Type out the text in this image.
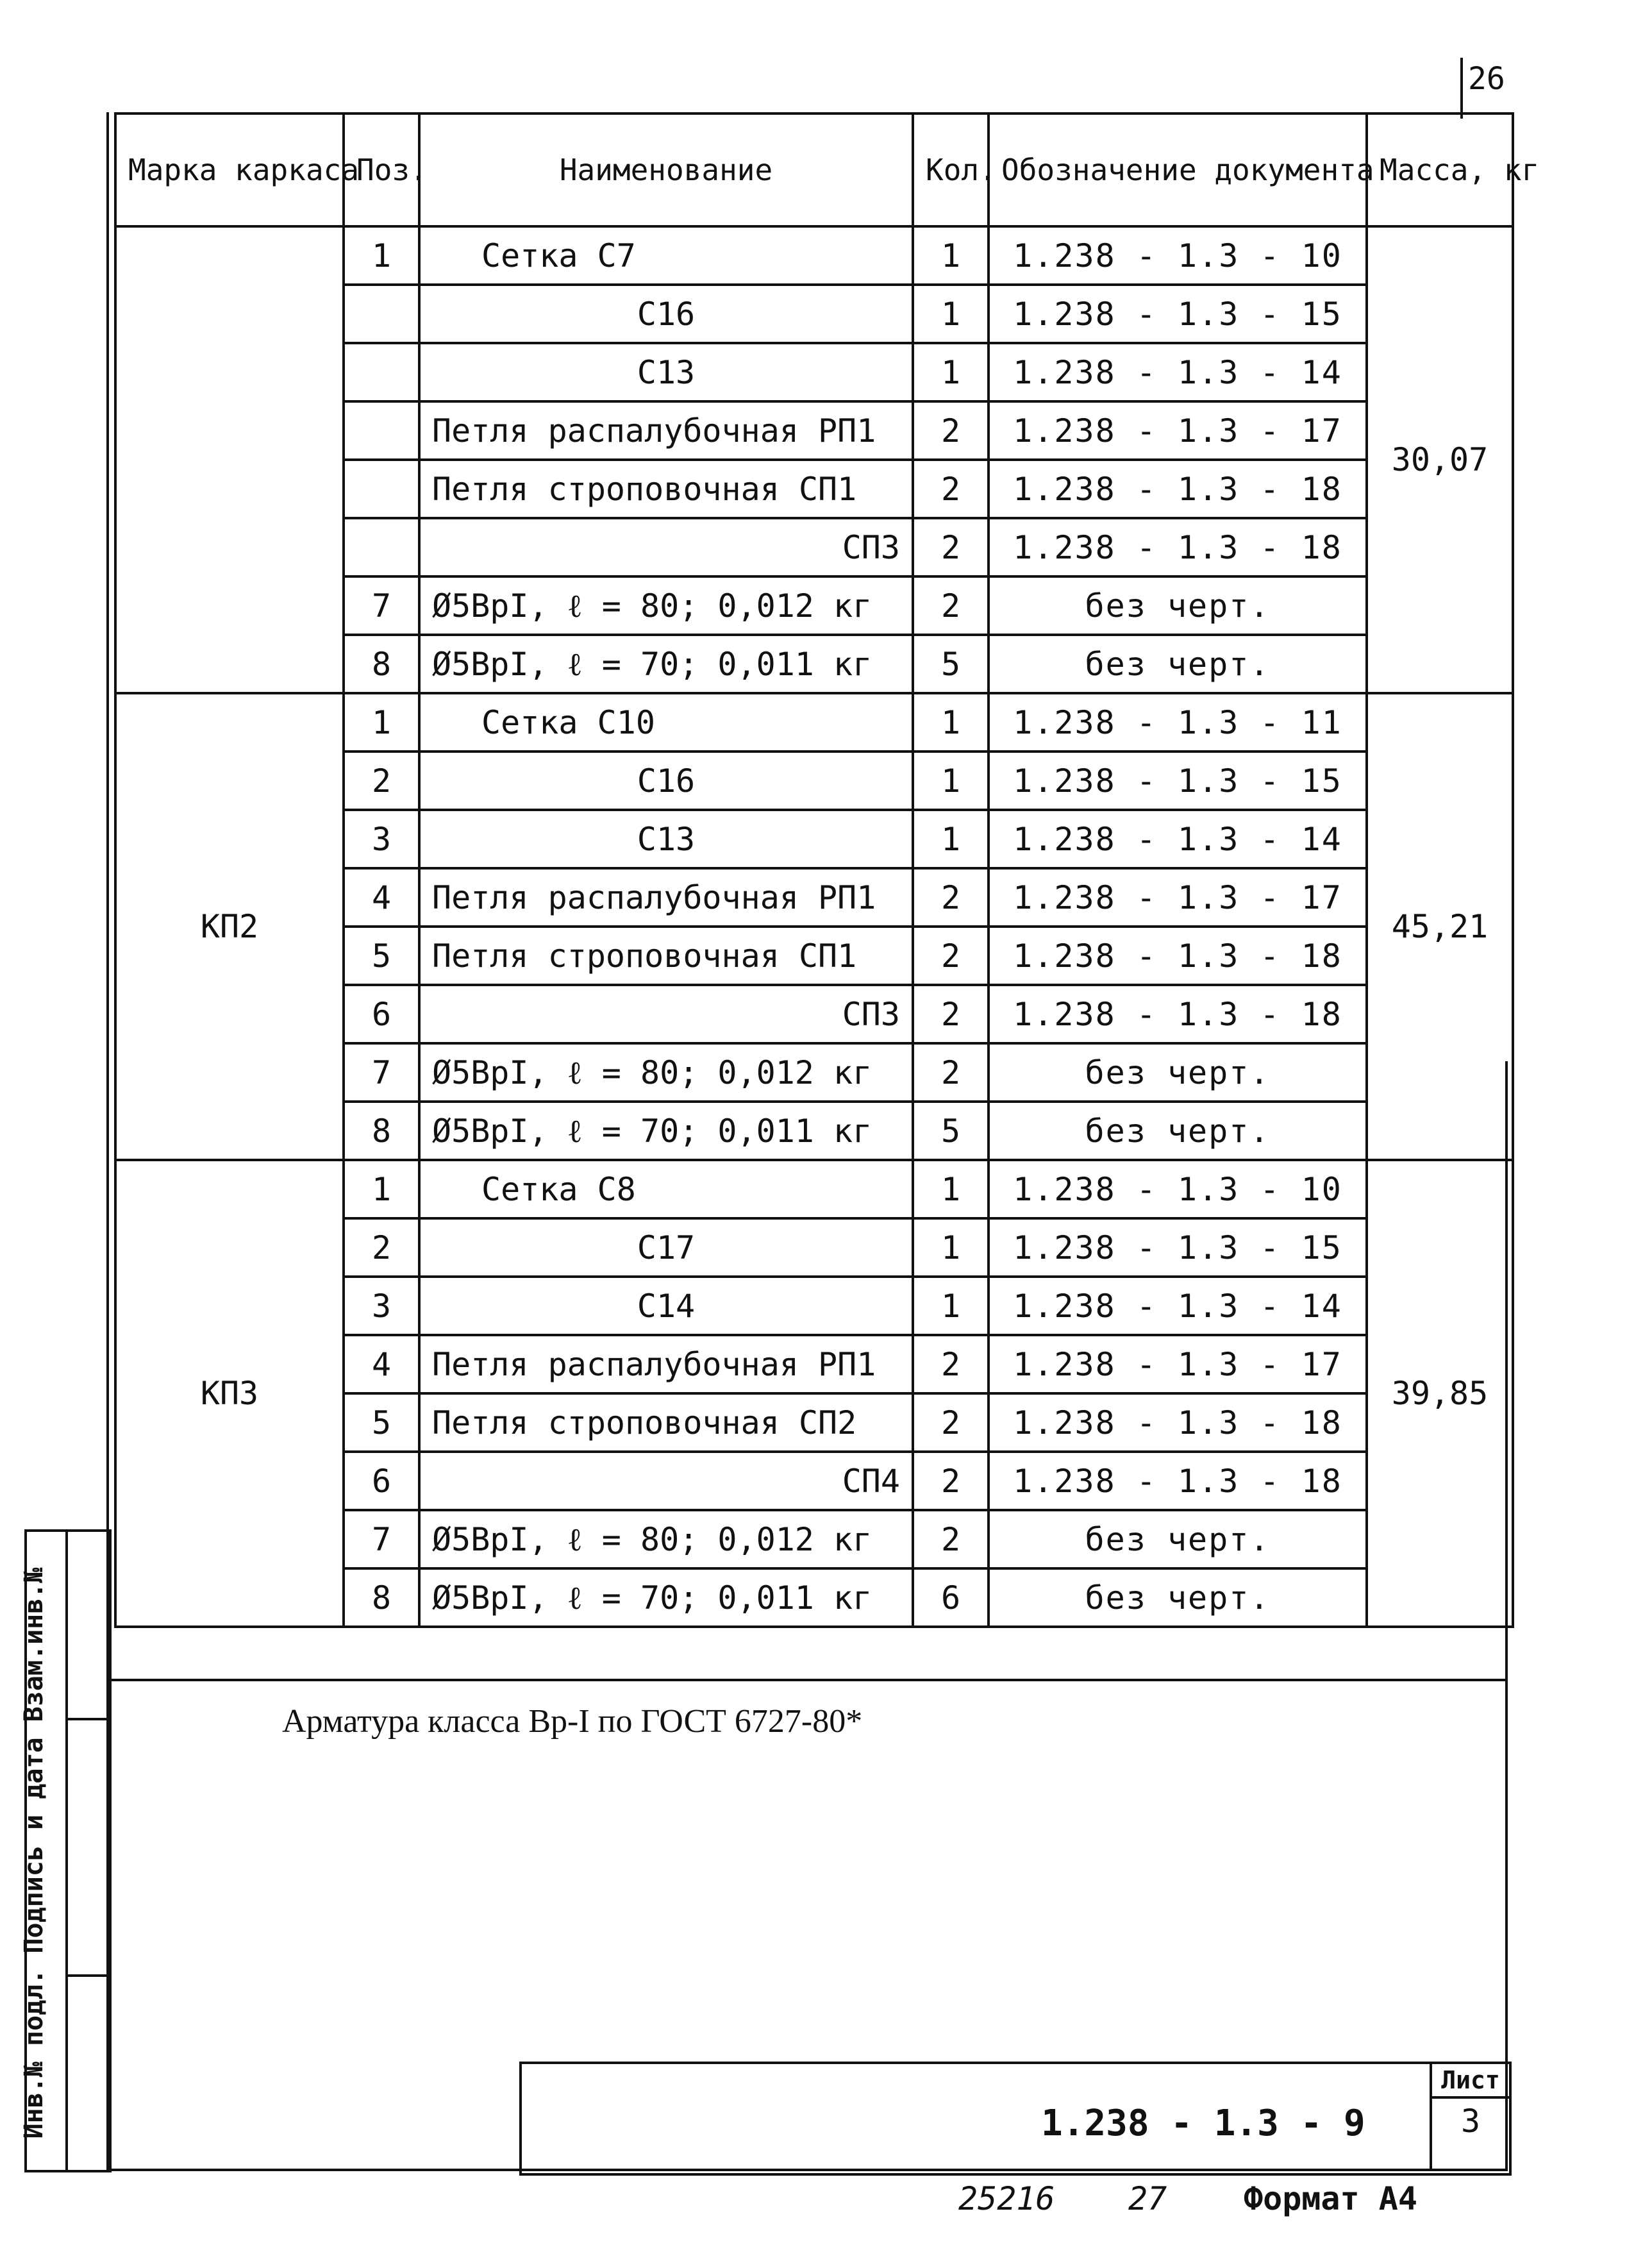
26
Марка каркаса	Поз.	Наименование	Кол.	Обозначение документа	Масса, кг
	1	Сетка С7	1	1.238 - 1.3 - 10	30,07
		С16	1	1.238 - 1.3 - 15	
		С13	1	1.238 - 1.3 - 14	
		Петля распалубочная РП1	2	1.238 - 1.3 - 17	
		Петля строповочная СП1	2	1.238 - 1.3 - 18	
		СП3	2	1.238 - 1.3 - 18	
	7	Ø5ВрI, ℓ = 80; 0,012 кг	2	без черт.	
	8	Ø5ВрI, ℓ = 70; 0,011 кг	5	без черт.	
КП2	1	Сетка С10	1	1.238 - 1.3 - 11	45,21
	2	С16	1	1.238 - 1.3 - 15	
	3	С13	1	1.238 - 1.3 - 14	
	4	Петля распалубочная РП1	2	1.238 - 1.3 - 17	
	5	Петля строповочная СП1	2	1.238 - 1.3 - 18	
	6	СП3	2	1.238 - 1.3 - 18	
	7	Ø5ВрI, ℓ = 80; 0,012 кг	2	без черт.	
	8	Ø5ВрI, ℓ = 70; 0,011 кг	5	без черт.	
КП3	1	Сетка С8	1	1.238 - 1.3 - 10	39,85
	2	С17	1	1.238 - 1.3 - 15	
	3	С14	1	1.238 - 1.3 - 14	
	4	Петля распалубочная РП1	2	1.238 - 1.3 - 17	
	5	Петля строповочная СП2	2	1.238 - 1.3 - 18	
	6	СП4	2	1.238 - 1.3 - 18	
	7	Ø5ВрI, ℓ = 80; 0,012 кг	2	без черт.	
	8	Ø5ВрI, ℓ = 70; 0,011 кг	6	без черт.	
Арматура класса Вр-I по ГОСТ 6727-80*
Инв.№ подл. Подпись и дата Взам.инв.№	1.238 - 1.3 - 9
Лист
3
25216 27 Формат А4
